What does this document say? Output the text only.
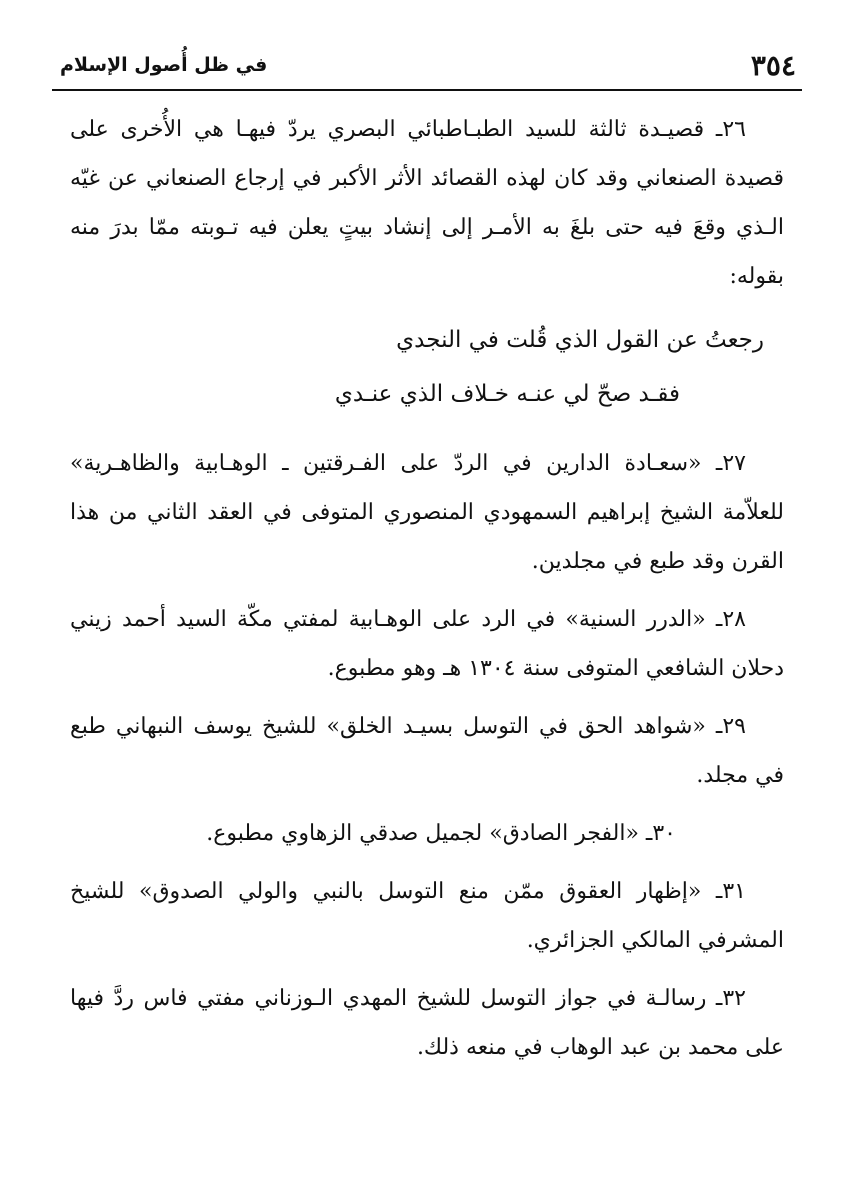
٣٥٤
في ظل أُصول الإسلام

٢٦ـ قصيـدة ثالثة للسيد الطبـاطبائي البصري يردّ فيهـا هي الأُخرى على قصيدة الصنعاني وقد كان لهذه القصائد الأثر الأكبر في إرجاع الصنعاني عن غيّه الـذي وقعَ فيه حتى بلغَ به الأمـر إلى إنشاد بيتٍ يعلن فيه تـوبته ممّا بدرَ منه بقوله:

رجعتُ عن القول الذي قُلت في النجدي
فقـد صحّ لي عنـه خـلاف الذي عنـدي

٢٧ـ «سعـادة الدارين في الردّ على الفـرقتين ـ الوهـابية والظاهـرية» للعلاّمة الشيخ إبراهيم السمهودي المنصوري المتوفى في العقد الثاني من هذا القرن وقد طبع في مجلدين.

٢٨ـ «الدرر السنية» في الرد على الوهـابية لمفتي مكّة السيد أحمد زيني دحلان الشافعي المتوفى سنة ١٣٠٤ هـ وهو مطبوع.

٢٩ـ «شواهد الحق في التوسل بسيـد الخلق» للشيخ يوسف النبهاني طبع في مجلد.

٣٠ـ «الفجر الصادق» لجميل صدقي الزهاوي مطبوع.

٣١ـ «إظهار العقوق ممّن منع التوسل بالنبي والولي الصدوق» للشيخ المشرفي المالكي الجزائري.

٣٢ـ رسالـة في جواز التوسل للشيخ المهدي الـوزناني مفتي فاس ردَّ فيها على محمد بن عبد الوهاب في منعه ذلك.
